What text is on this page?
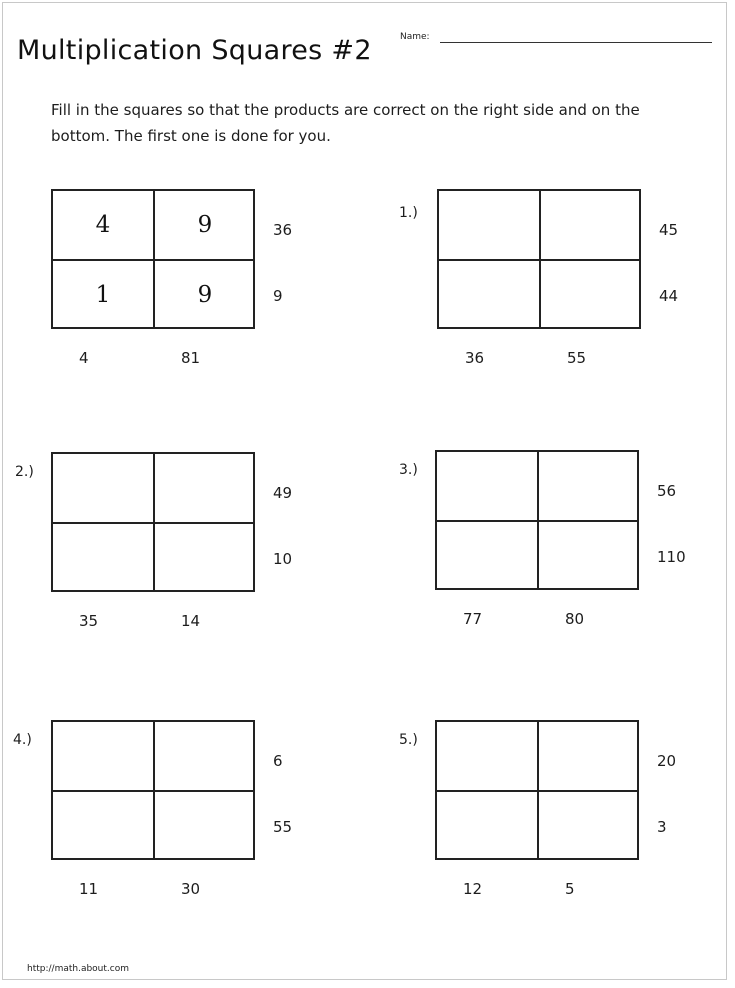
Multiplication Squares #2	Name:
Fill in the squares so that the products are correct on the right side and on the bottom. The first one is done for you.
4	9
1	9
36
9
4	81
1.)
45
44
36	55
2.)
49
10
35	14
3.)
56
110
77	80
4.)
6
55
11	30
5.)
20
3
12	5
http://math.about.com
